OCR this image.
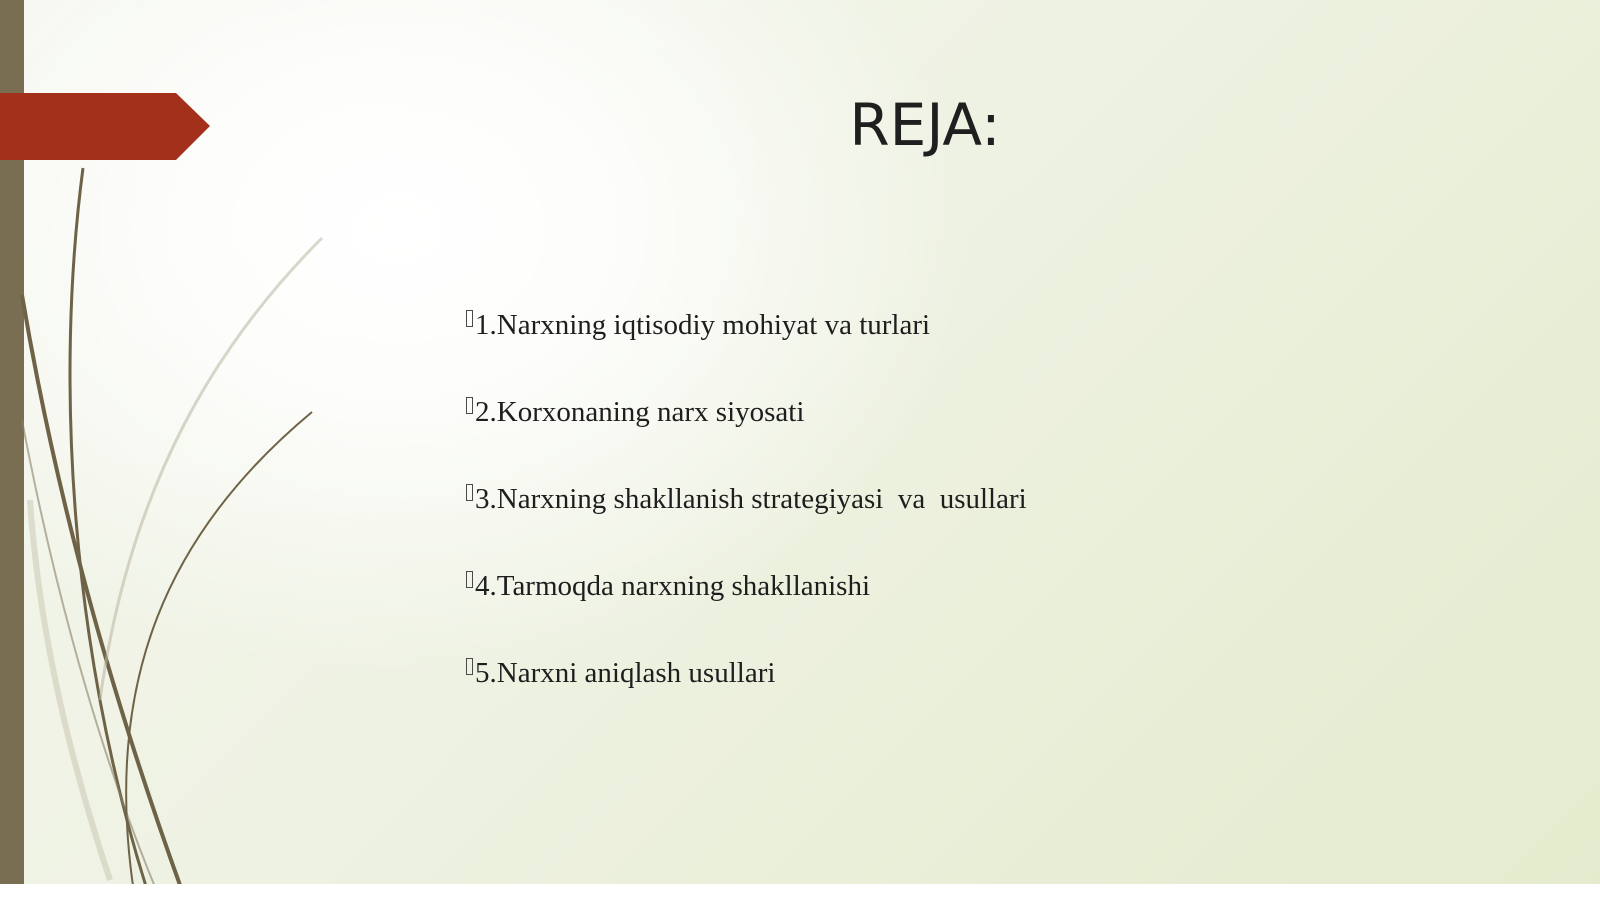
REJA:
1.Narxning iqtisodiy mohiyat va turlari
2.Korxonaning narx siyosati
3.Narxning shakllanish strategiyasi  va  usullari
4.Tarmoqda narxning shakllanishi
5.Narxni aniqlash usullari
